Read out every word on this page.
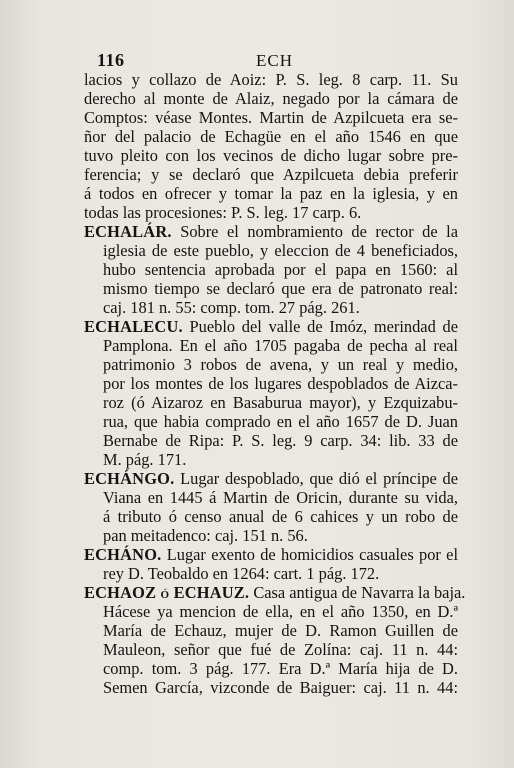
116	ECH
lacios y collazo de Aoiz: P. S. leg. 8 carp. 11. Su
derecho al monte de Alaiz, negado por la cámara de
Comptos: véase Montes. Martin de Azpilcueta era se-
ñor del palacio de Echagüe en el año 1546 en que
tuvo pleito con los vecinos de dicho lugar sobre pre-
ferencia; y se declaró que Azpilcueta debia preferir
á todos en ofrecer y tomar la paz en la iglesia, y en
todas las procesiones: P. S. leg. 17 carp. 6.
ECHALÁR. Sobre el nombramiento de rector de la
iglesia de este pueblo, y eleccion de 4 beneficiados,
hubo sentencia aprobada por el papa en 1560: al
mismo tiempo se declaró que era de patronato real:
caj. 181 n. 55: comp. tom. 27 pág. 261.
ECHALECU. Pueblo del valle de Imóz, merindad de
Pamplona. En el año 1705 pagaba de pecha al real
patrimonio 3 robos de avena, y un real y medio,
por los montes de los lugares despoblados de Aizca-
roz (ó Aizaroz en Basaburua mayor), y Ezquizabu-
rua, que habia comprado en el año 1657 de D. Juan
Bernabe de Ripa: P. S. leg. 9 carp. 34: lib. 33 de
M. pág. 171.
ECHÁNGO. Lugar despoblado, que dió el príncipe de
Viana en 1445 á Martin de Oricin, durante su vida,
á tributo ó censo anual de 6 cahices y un robo de
pan meitadenco: caj. 151 n. 56.
ECHÁNO. Lugar exento de homicidios casuales por el
rey D. Teobaldo en 1264: cart. 1 pág. 172.
ECHAOZ ó ECHAUZ. Casa antigua de Navarra la baja.
Hácese ya mencion de ella, en el año 1350, en D.ª
María de Echauz, mujer de D. Ramon Guillen de
Mauleon, señor que fué de Zolína: caj. 11 n. 44:
comp. tom. 3 pág. 177. Era D.ª María hija de D.
Semen García, vizconde de Baiguer: caj. 11 n. 44:
